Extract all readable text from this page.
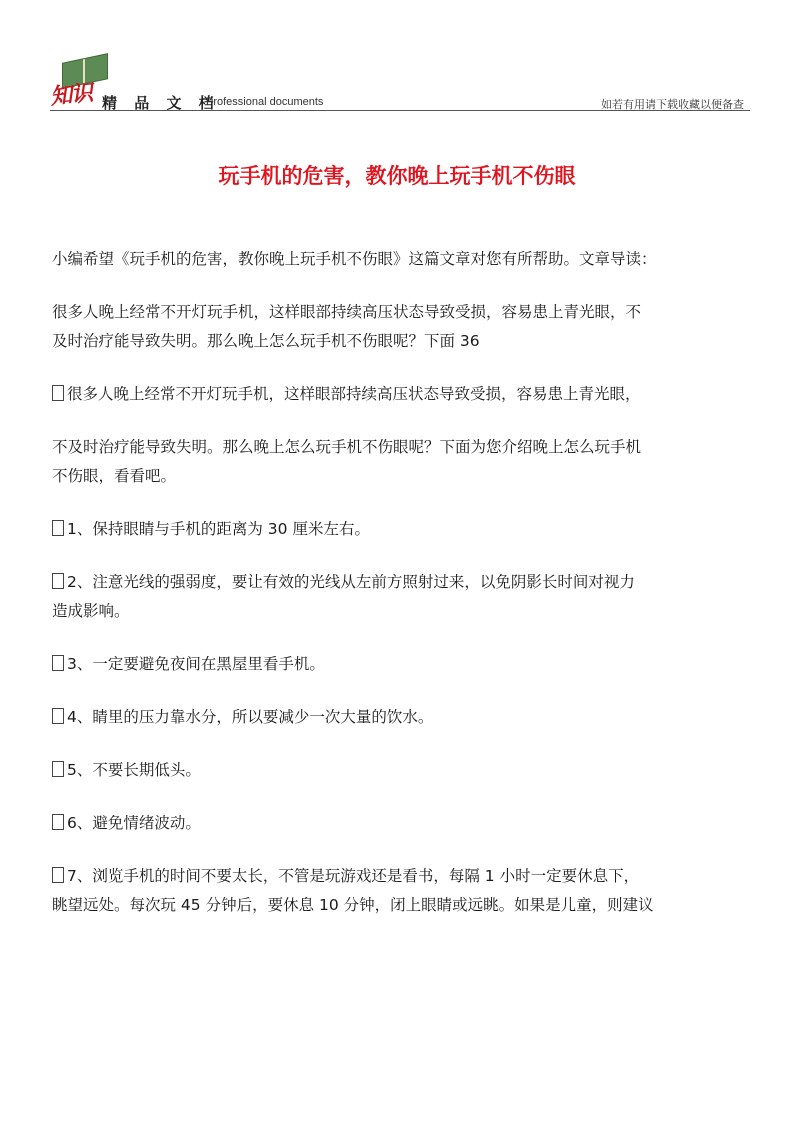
知识 精 品 文 档
Professional documents	如若有用请下载收藏以便备查
玩手机的危害，教你晚上玩手机不伤眼
小编希望《玩手机的危害，教你晚上玩手机不伤眼》这篇文章对您有所帮助。文章导读：
很多人晚上经常不开灯玩手机，这样眼部持续高压状态导致受损，容易患上青光眼，不
及时治疗能导致失明。那么晚上怎么玩手机不伤眼呢？下面 36
很多人晚上经常不开灯玩手机，这样眼部持续高压状态导致受损，容易患上青光眼，
不及时治疗能导致失明。那么晚上怎么玩手机不伤眼呢？下面为您介绍晚上怎么玩手机
不伤眼，看看吧。
1、保持眼睛与手机的距离为 30 厘米左右。
2、注意光线的强弱度，要让有效的光线从左前方照射过来，以免阴影长时间对视力
造成影响。
3、一定要避免夜间在黑屋里看手机。
4、睛里的压力靠水分，所以要减少一次大量的饮水。
5、不要长期低头。
6、避免情绪波动。
7、浏览手机的时间不要太长，不管是玩游戏还是看书，每隔 1 小时一定要休息下，
眺望远处。每次玩 45 分钟后，要休息 10 分钟，闭上眼睛或远眺。如果是儿童，则建议
